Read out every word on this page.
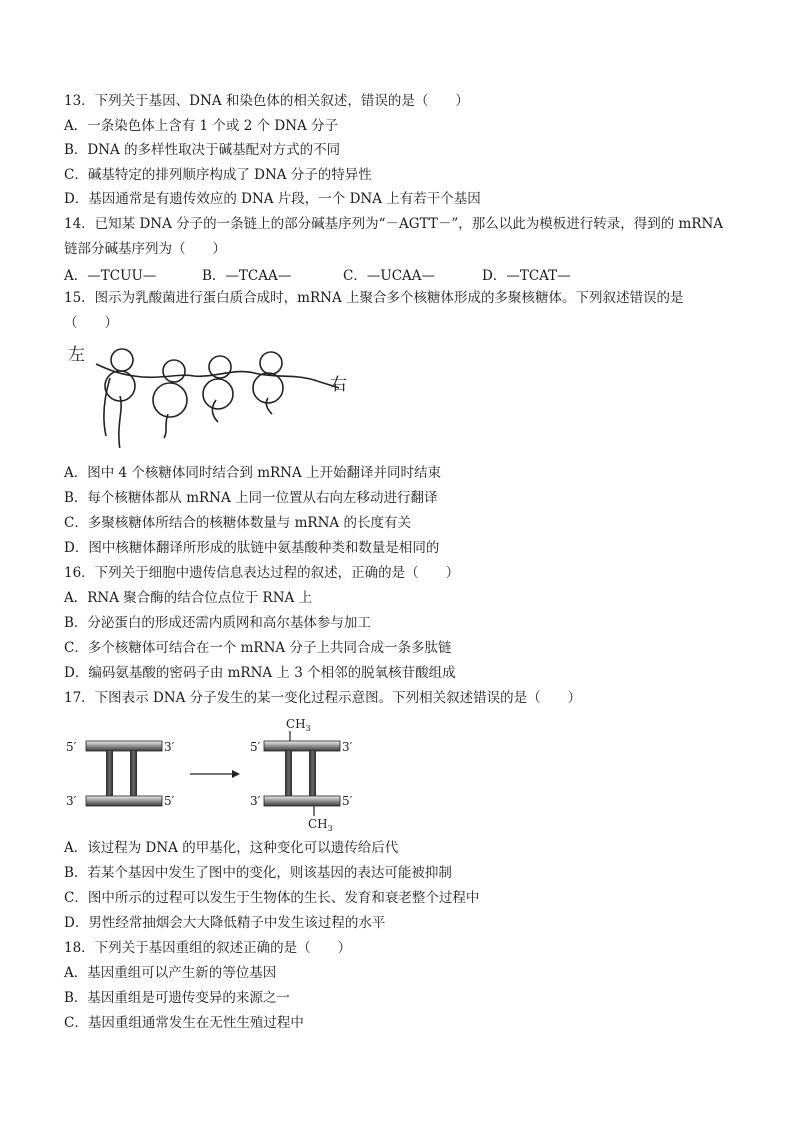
13．下列关于基因、DNA 和染色体的相关叙述，错误的是（　　）
A．一条染色体上含有 1 个或 2 个 DNA 分子
B．DNA 的多样性取决于碱基配对方式的不同
C．碱基特定的排列顺序构成了 DNA 分子的特异性
D．基因通常是有遗传效应的 DNA 片段，一个 DNA 上有若干个基因
14．已知某 DNA 分子的一条链上的部分碱基序列为“－AGTT－”，那么以此为模板进行转录，得到的 mRNA
链部分碱基序列为（　　）
A．—TCUU—	B．—TCAA—	C．—UCAA—	D．—TCAT—
15．图示为乳酸菌进行蛋白质合成时，mRNA 上聚合多个核糖体形成的多聚核糖体。下列叙述错误的是
（　　）
左
右
A．图中 4 个核糖体同时结合到 mRNA 上开始翻译并同时结束
B．每个核糖体都从 mRNA 上同一位置从右向左移动进行翻译
C．多聚核糖体所结合的核糖体数量与 mRNA 的长度有关
D．图中核糖体翻译所形成的肽链中氨基酸种类和数量是相同的
16．下列关于细胞中遗传信息表达过程的叙述，正确的是（　　）
A．RNA 聚合酶的结合位点位于 RNA 上
B．分泌蛋白的形成还需内质网和高尔基体参与加工
C．多个核糖体可结合在一个 mRNA 分子上共同合成一条多肽链
D．编码氨基酸的密码子由 mRNA 上 3 个相邻的脱氧核苷酸组成
17．下图表示 DNA 分子发生的某一变化过程示意图。下列相关叙述错误的是（　　）
5′	3′
3′	5′
$CH_3$
5′	3′
3′	5′
$CH_3$
A．该过程为 DNA 的甲基化，这种变化可以遗传给后代
B．若某个基因中发生了图中的变化，则该基因的表达可能被抑制
C．图中所示的过程可以发生于生物体的生长、发育和衰老整个过程中
D．男性经常抽烟会大大降低精子中发生该过程的水平
18．下列关于基因重组的叙述正确的是（　　）
A．基因重组可以产生新的等位基因
B．基因重组是可遗传变异的来源之一
C．基因重组通常发生在无性生殖过程中
